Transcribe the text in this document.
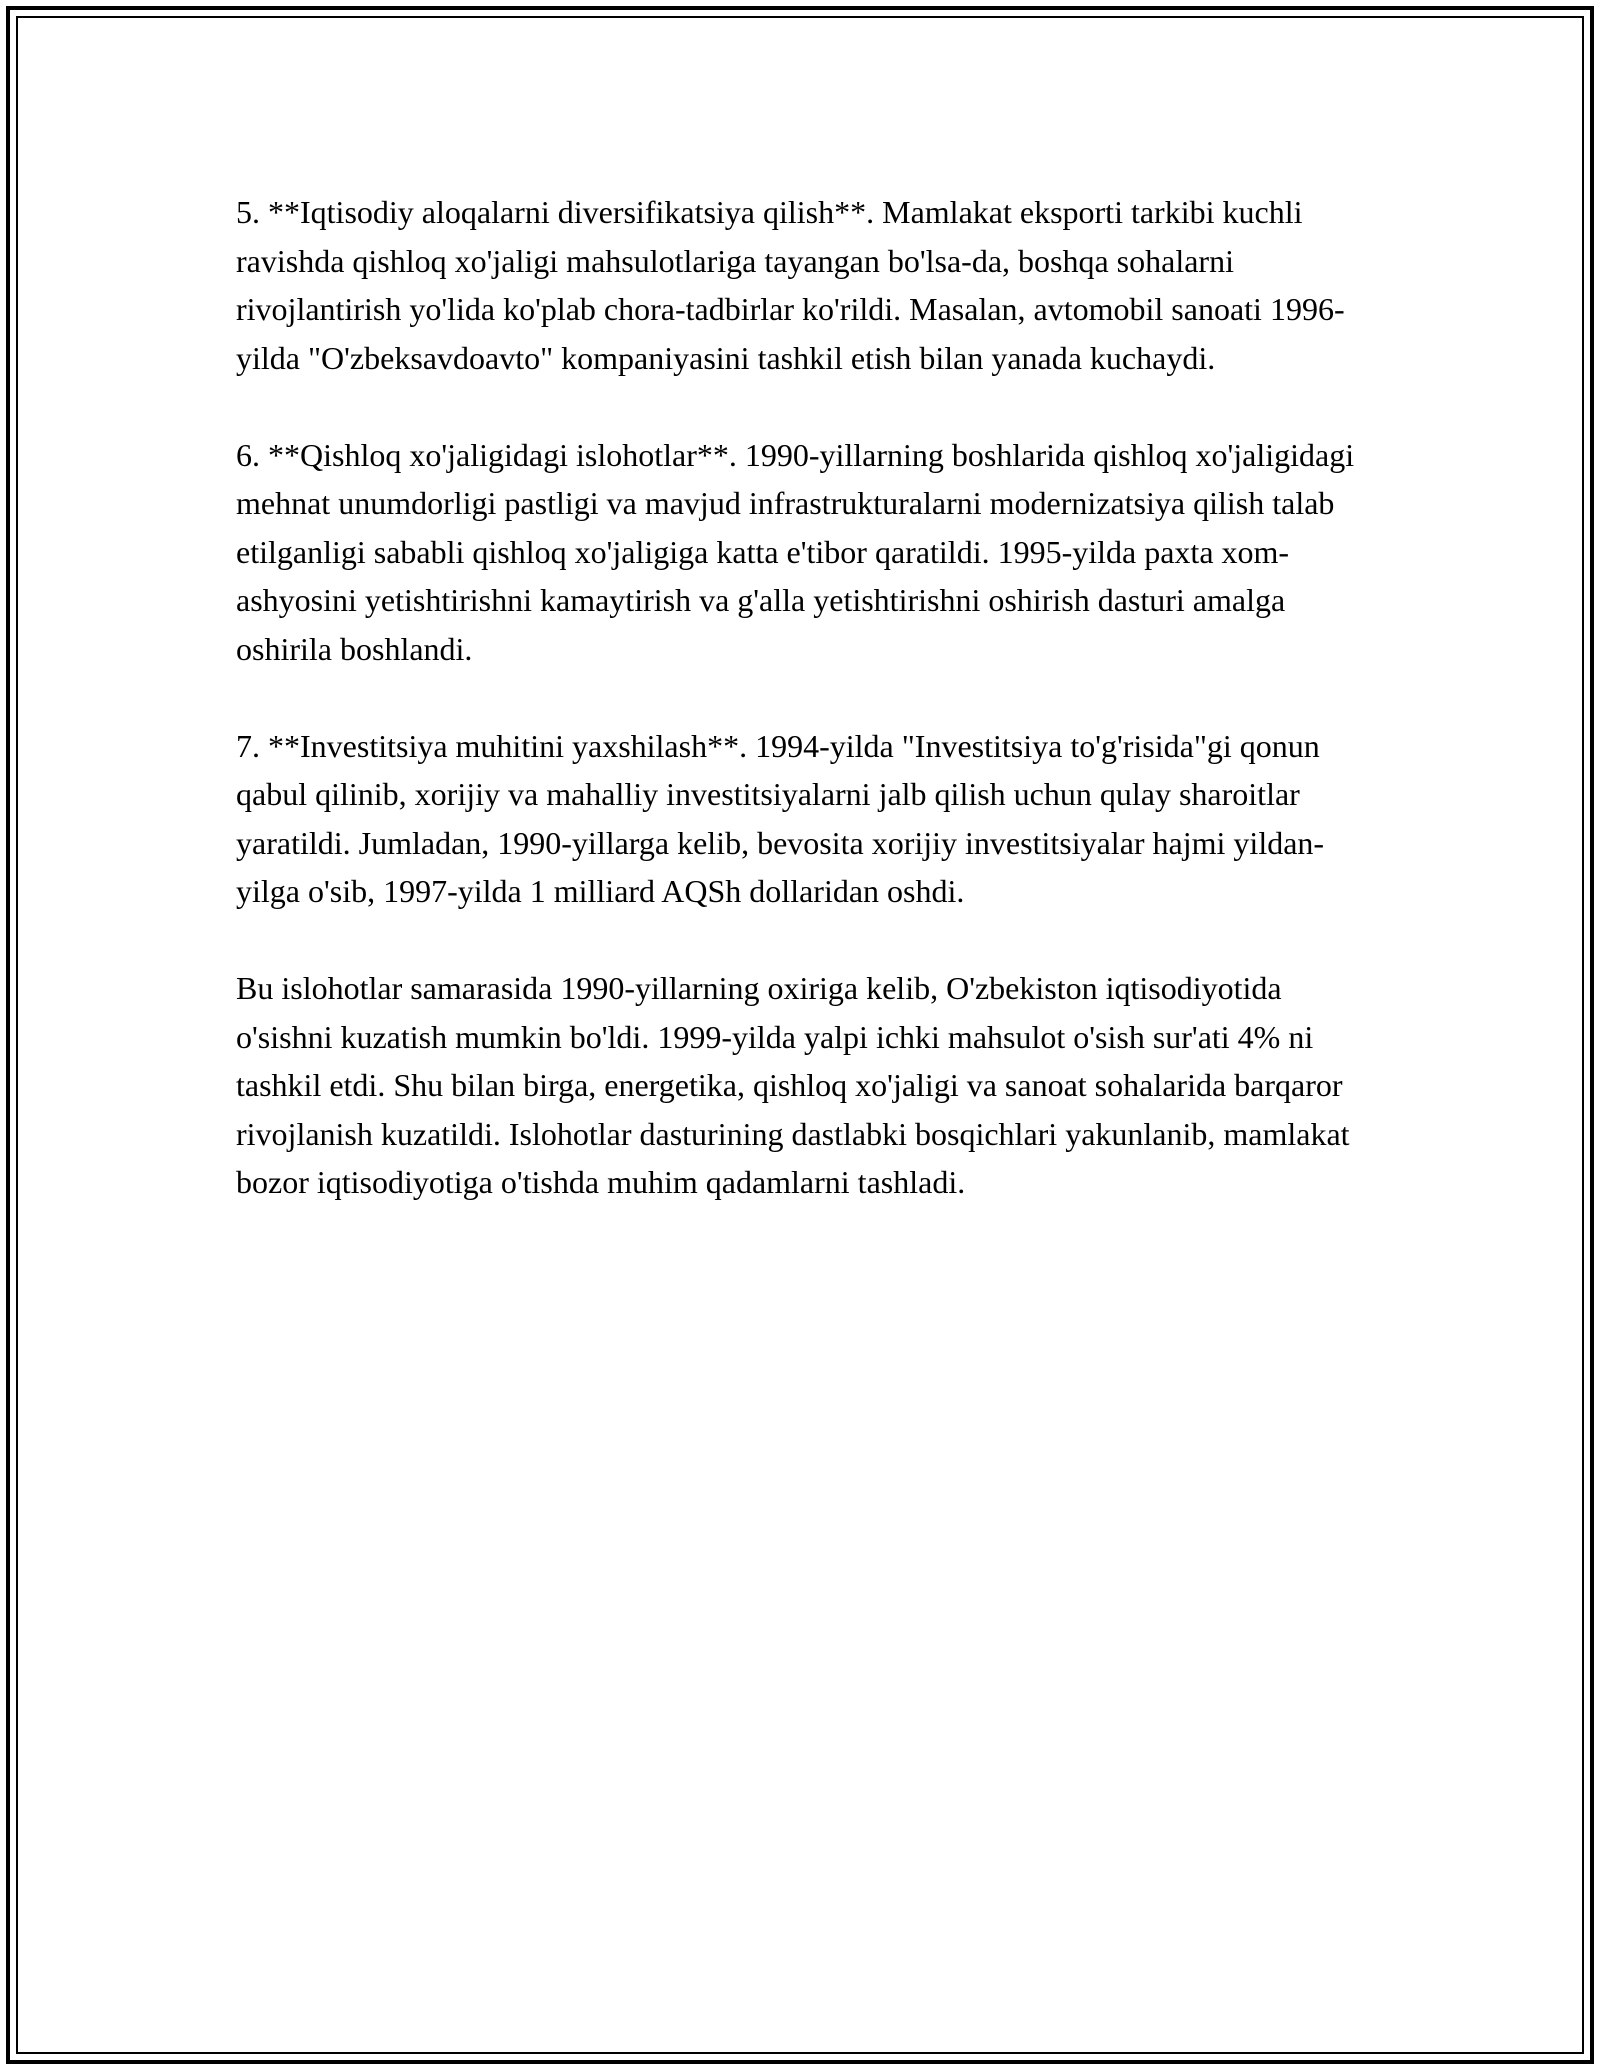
5. **Iqtisodiy aloqalarni diversifikatsiya qilish**. Mamlakat eksporti tarkibi kuchli ravishda qishloq xo'jaligi mahsulotlariga tayangan bo'lsa-da, boshqa sohalarni rivojlantirish yo'lida ko'plab chora-tadbirlar ko'rildi. Masalan, avtomobil sanoati 1996-yilda "O'zbeksavdoavto" kompaniyasini tashkil etish bilan yanada kuchaydi.

6. **Qishloq xo'jaligidagi islohotlar**. 1990-yillarning boshlarida qishloq xo'jaligidagi mehnat unumdorligi pastligi va mavjud infrastrukturalarni modernizatsiya qilish talab etilganligi sababli qishloq xo'jaligiga katta e'tibor qaratildi. 1995-yilda paxta xom-ashyosini yetishtirishni kamaytirish va g'alla yetishtirishni oshirish dasturi amalga oshirila boshlandi.

7. **Investitsiya muhitini yaxshilash**. 1994-yilda "Investitsiya to'g'risida"gi qonun qabul qilinib, xorijiy va mahalliy investitsiyalarni jalb qilish uchun qulay sharoitlar yaratildi. Jumladan, 1990-yillarga kelib, bevosita xorijiy investitsiyalar hajmi yildan-yilga o'sib, 1997-yilda 1 milliard AQSh dollaridan oshdi.

Bu islohotlar samarasida 1990-yillarning oxiriga kelib, O'zbekiston iqtisodiyotida o'sishni kuzatish mumkin bo'ldi. 1999-yilda yalpi ichki mahsulot o'sish sur'ati 4% ni tashkil etdi. Shu bilan birga, energetika, qishloq xo'jaligi va sanoat sohalarida barqaror rivojlanish kuzatildi. Islohotlar dasturining dastlabki bosqichlari yakunlanib, mamlakat bozor iqtisodiyotiga o'tishda muhim qadamlarni tashladi.
